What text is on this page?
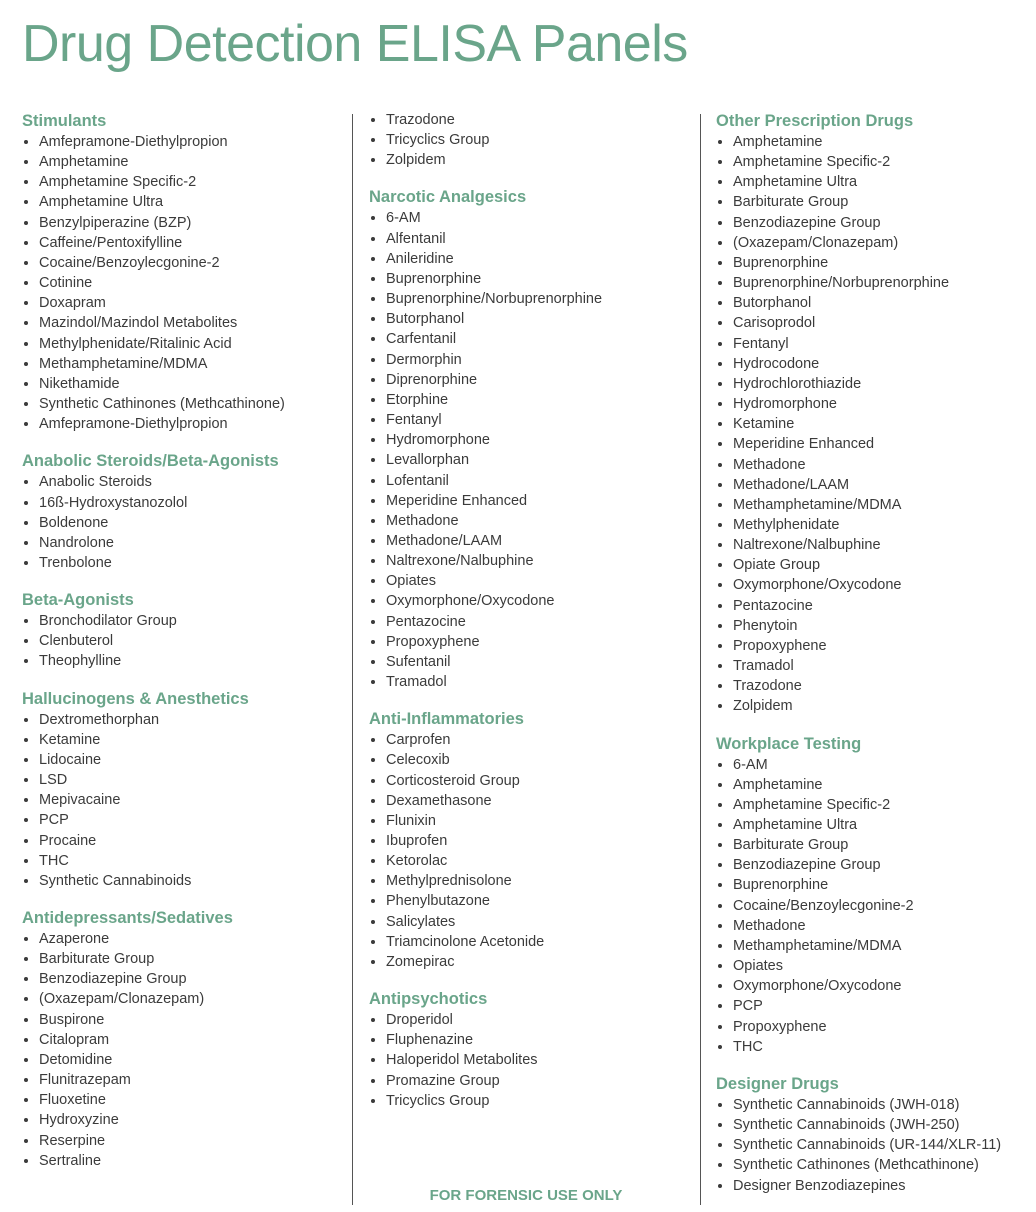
Drug Detection ELISA Panels
Stimulants
Amfepramone-Diethylpropion
Amphetamine
Amphetamine Specific-2
Amphetamine Ultra
Benzylpiperazine (BZP)
Caffeine/Pentoxifylline
Cocaine/Benzoylecgonine-2
Cotinine
Doxapram
Mazindol/Mazindol Metabolites
Methylphenidate/Ritalinic Acid
Methamphetamine/MDMA
Nikethamide
Synthetic Cathinones (Methcathinone)
Amfepramone-Diethylpropion
Anabolic Steroids/Beta-Agonists
Anabolic Steroids
16ß-Hydroxystanozolol
Boldenone
Nandrolone
Trenbolone
Beta-Agonists
Bronchodilator Group
Clenbuterol
Theophylline
Hallucinogens & Anesthetics
Dextromethorphan
Ketamine
Lidocaine
LSD
Mepivacaine
PCP
Procaine
THC
Synthetic Cannabinoids
Antidepressants/Sedatives
Azaperone
Barbiturate Group
Benzodiazepine Group
(Oxazepam/Clonazepam)
Buspirone
Citalopram
Detomidine
Flunitrazepam
Fluoxetine
Hydroxyzine
Reserpine
Sertraline
Trazodone
Tricyclics Group
Zolpidem
Narcotic Analgesics
6-AM
Alfentanil
Anileridine
Buprenorphine
Buprenorphine/Norbuprenorphine
Butorphanol
Carfentanil
Dermorphin
Diprenorphine
Etorphine
Fentanyl
Hydromorphone
Levallorphan
Lofentanil
Meperidine Enhanced
Methadone
Methadone/LAAM
Naltrexone/Nalbuphine
Opiates
Oxymorphone/Oxycodone
Pentazocine
Propoxyphene
Sufentanil
Tramadol
Anti-Inflammatories
Carprofen
Celecoxib
Corticosteroid Group
Dexamethasone
Flunixin
Ibuprofen
Ketorolac
Methylprednisolone
Phenylbutazone
Salicylates
Triamcinolone Acetonide
Zomepirac
Antipsychotics
Droperidol
Fluphenazine
Haloperidol Metabolites
Promazine Group
Tricyclics Group
Other Prescription Drugs
Amphetamine
Amphetamine Specific-2
Amphetamine Ultra
Barbiturate Group
Benzodiazepine Group
(Oxazepam/Clonazepam)
Buprenorphine
Buprenorphine/Norbuprenorphine
Butorphanol
Carisoprodol
Fentanyl
Hydrocodone
Hydrochlorothiazide
Hydromorphone
Ketamine
Meperidine Enhanced
Methadone
Methadone/LAAM
Methamphetamine/MDMA
Methylphenidate
Naltrexone/Nalbuphine
Opiate Group
Oxymorphone/Oxycodone
Pentazocine
Phenytoin
Propoxyphene
Tramadol
Trazodone
Zolpidem
Workplace Testing
6-AM
Amphetamine
Amphetamine Specific-2
Amphetamine Ultra
Barbiturate Group
Benzodiazepine Group
Buprenorphine
Cocaine/Benzoylecgonine-2
Methadone
Methamphetamine/MDMA
Opiates
Oxymorphone/Oxycodone
PCP
Propoxyphene
THC
Designer Drugs
Synthetic Cannabinoids (JWH-018)
Synthetic Cannabinoids (JWH-250)
Synthetic Cannabinoids (UR-144/XLR-11)
Synthetic Cathinones (Methcathinone)
Designer Benzodiazepines
FOR FORENSIC USE ONLY
